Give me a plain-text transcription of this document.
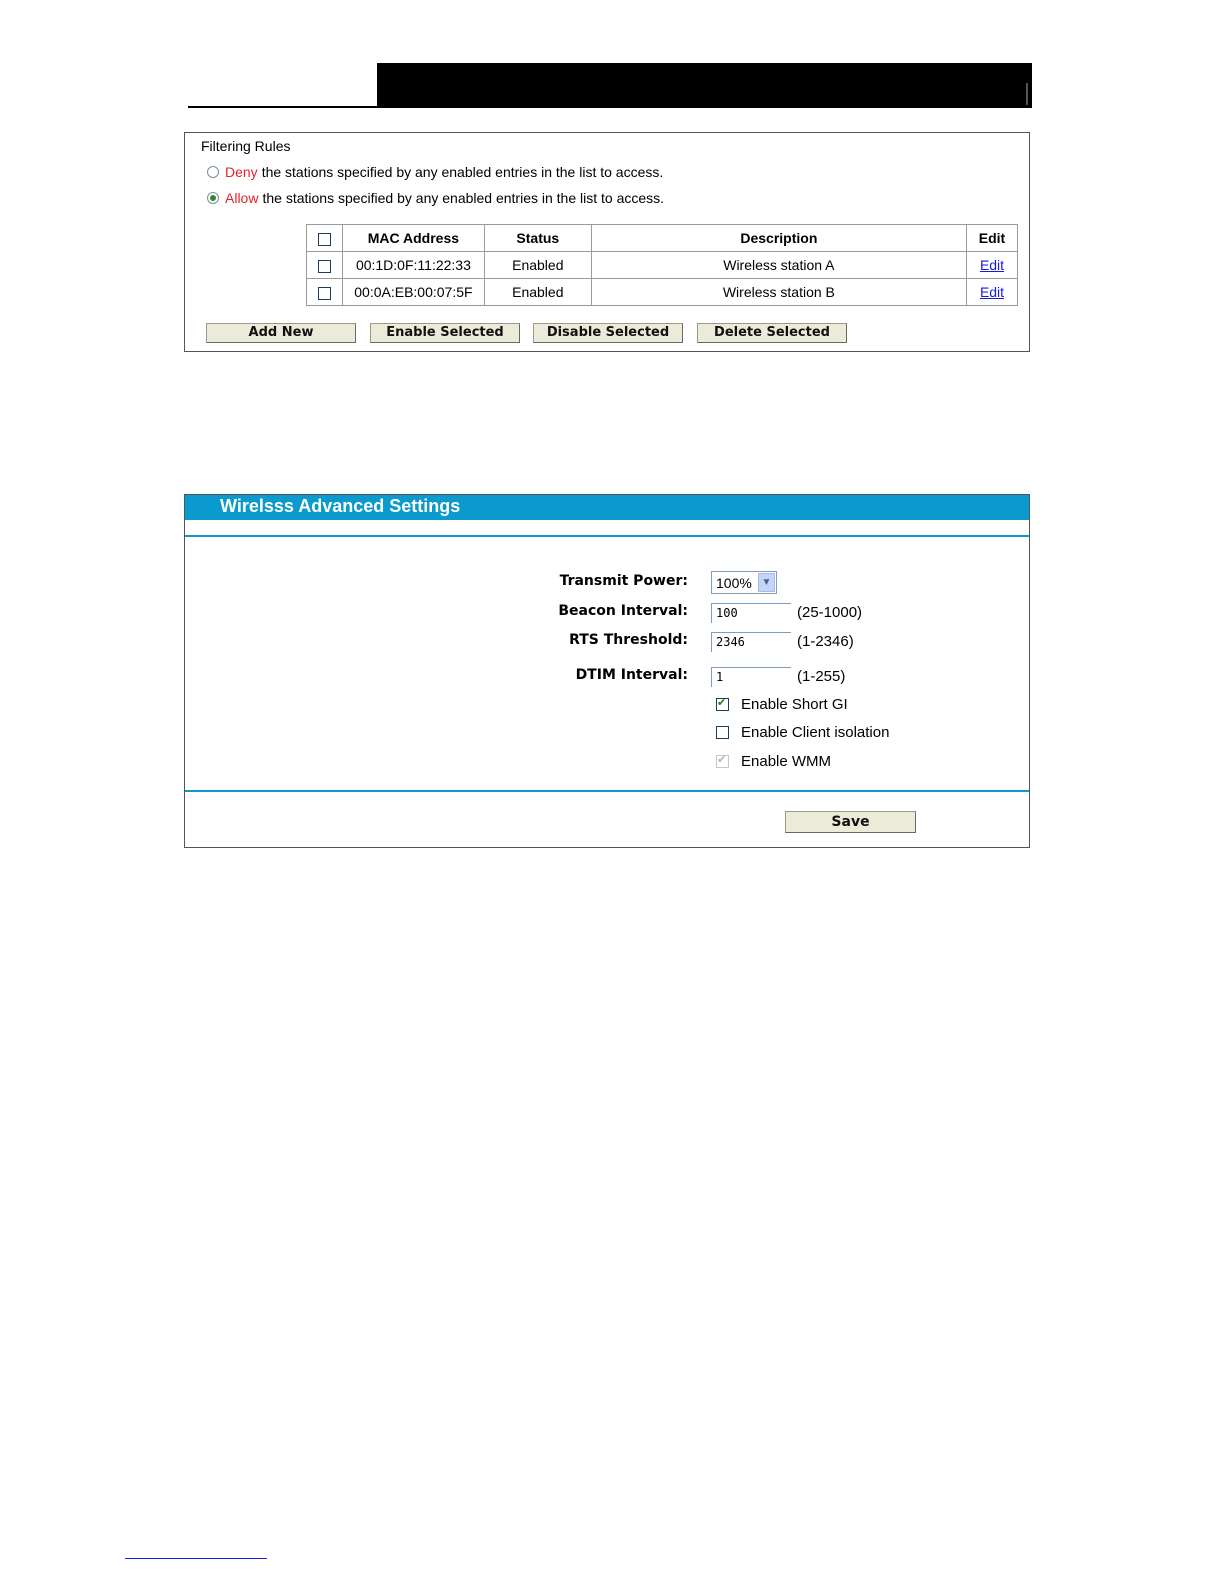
Filtering Rules
Deny the stations specified by any enabled entries in the list to access.
Allow the stations specified by any enabled entries in the list to access.
	MAC Address	Status	Description	Edit
	00:1D:0F:11:22:33	Enabled	Wireless station A	Edit
	00:0A:EB:00:07:5F	Enabled	Wireless station B	Edit
Add New	Enable Selected	Disable Selected	Delete Selected
Wirelsss Advanced Settings
Transmit Power: 100% ▼
Beacon Interval:	100	(25-1000)
RTS Threshold:	2346	(1-2346)
DTIM Interval:	1	(1-255)
✔
Enable Short GI
Enable Client isolation
✔
Enable WMM
Save
